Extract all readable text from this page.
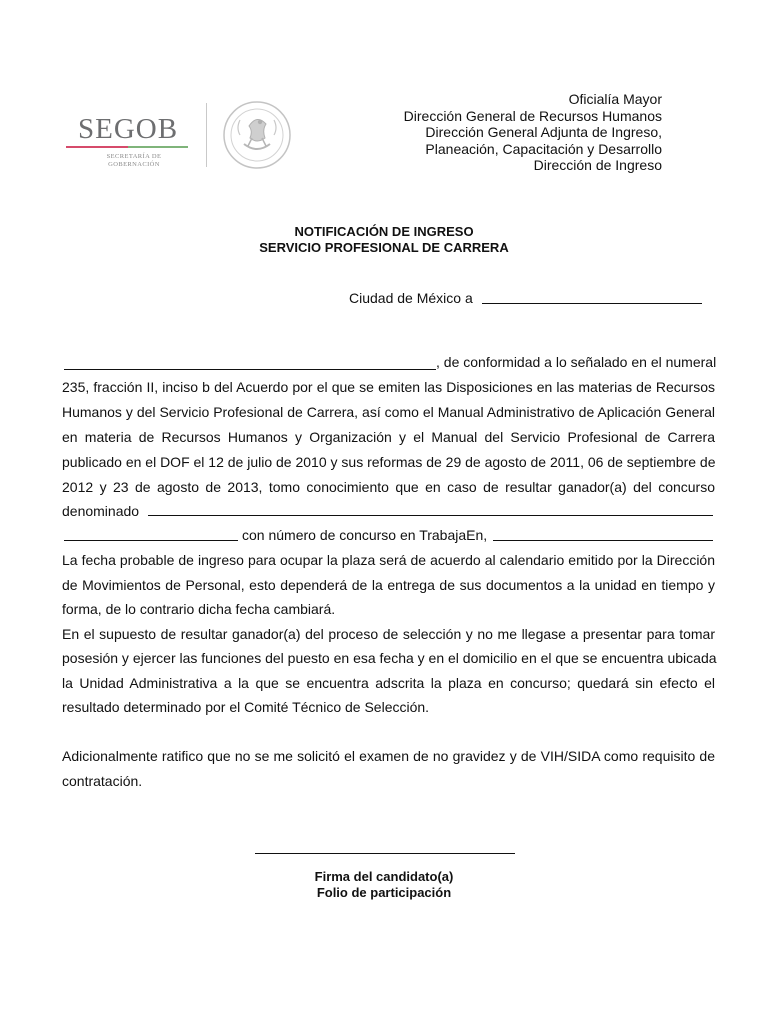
SEGOB
SECRETARÍA DE
GOBERNACIÓN
Oficialía Mayor
Dirección General de Recursos Humanos
Dirección General Adjunta de Ingreso,
Planeación, Capacitación y Desarrollo
Dirección de Ingreso
NOTIFICACIÓN DE INGRESO
SERVICIO PROFESIONAL DE CARRERA
Ciudad de México a
, de conformidad a lo señalado en el numeral
235, fracción II, inciso b del Acuerdo por el que se emiten las Disposiciones en las materias de Recursos
Humanos y del Servicio Profesional de Carrera, así como el Manual Administrativo de Aplicación General
en materia de Recursos Humanos y Organización y el Manual del Servicio Profesional de Carrera
publicado en el DOF el 12 de julio de 2010 y sus reformas de 29 de agosto de 2011, 06 de septiembre de
2012 y 23 de agosto de 2013, tomo conocimiento que en caso de resultar ganador(a) del concurso
denominado
con número de concurso en TrabajaEn,
La fecha probable de ingreso para ocupar la plaza será de acuerdo al calendario emitido por la Dirección
de Movimientos de Personal, esto dependerá de la entrega de sus documentos a la unidad en tiempo y
forma, de lo contrario dicha fecha cambiará.
En el supuesto de resultar ganador(a) del proceso de selección y no me llegase a presentar para tomar
posesión y ejercer las funciones del puesto en esa fecha y en el domicilio en el que se encuentra ubicada
la Unidad Administrativa a la que se encuentra adscrita la plaza en concurso; quedará sin efecto el
resultado determinado por el Comité Técnico de Selección.
Adicionalmente ratifico que no se me solicitó el examen de no gravidez y de VIH/SIDA como requisito de
contratación.
Firma del candidato(a)
Folio de participación
